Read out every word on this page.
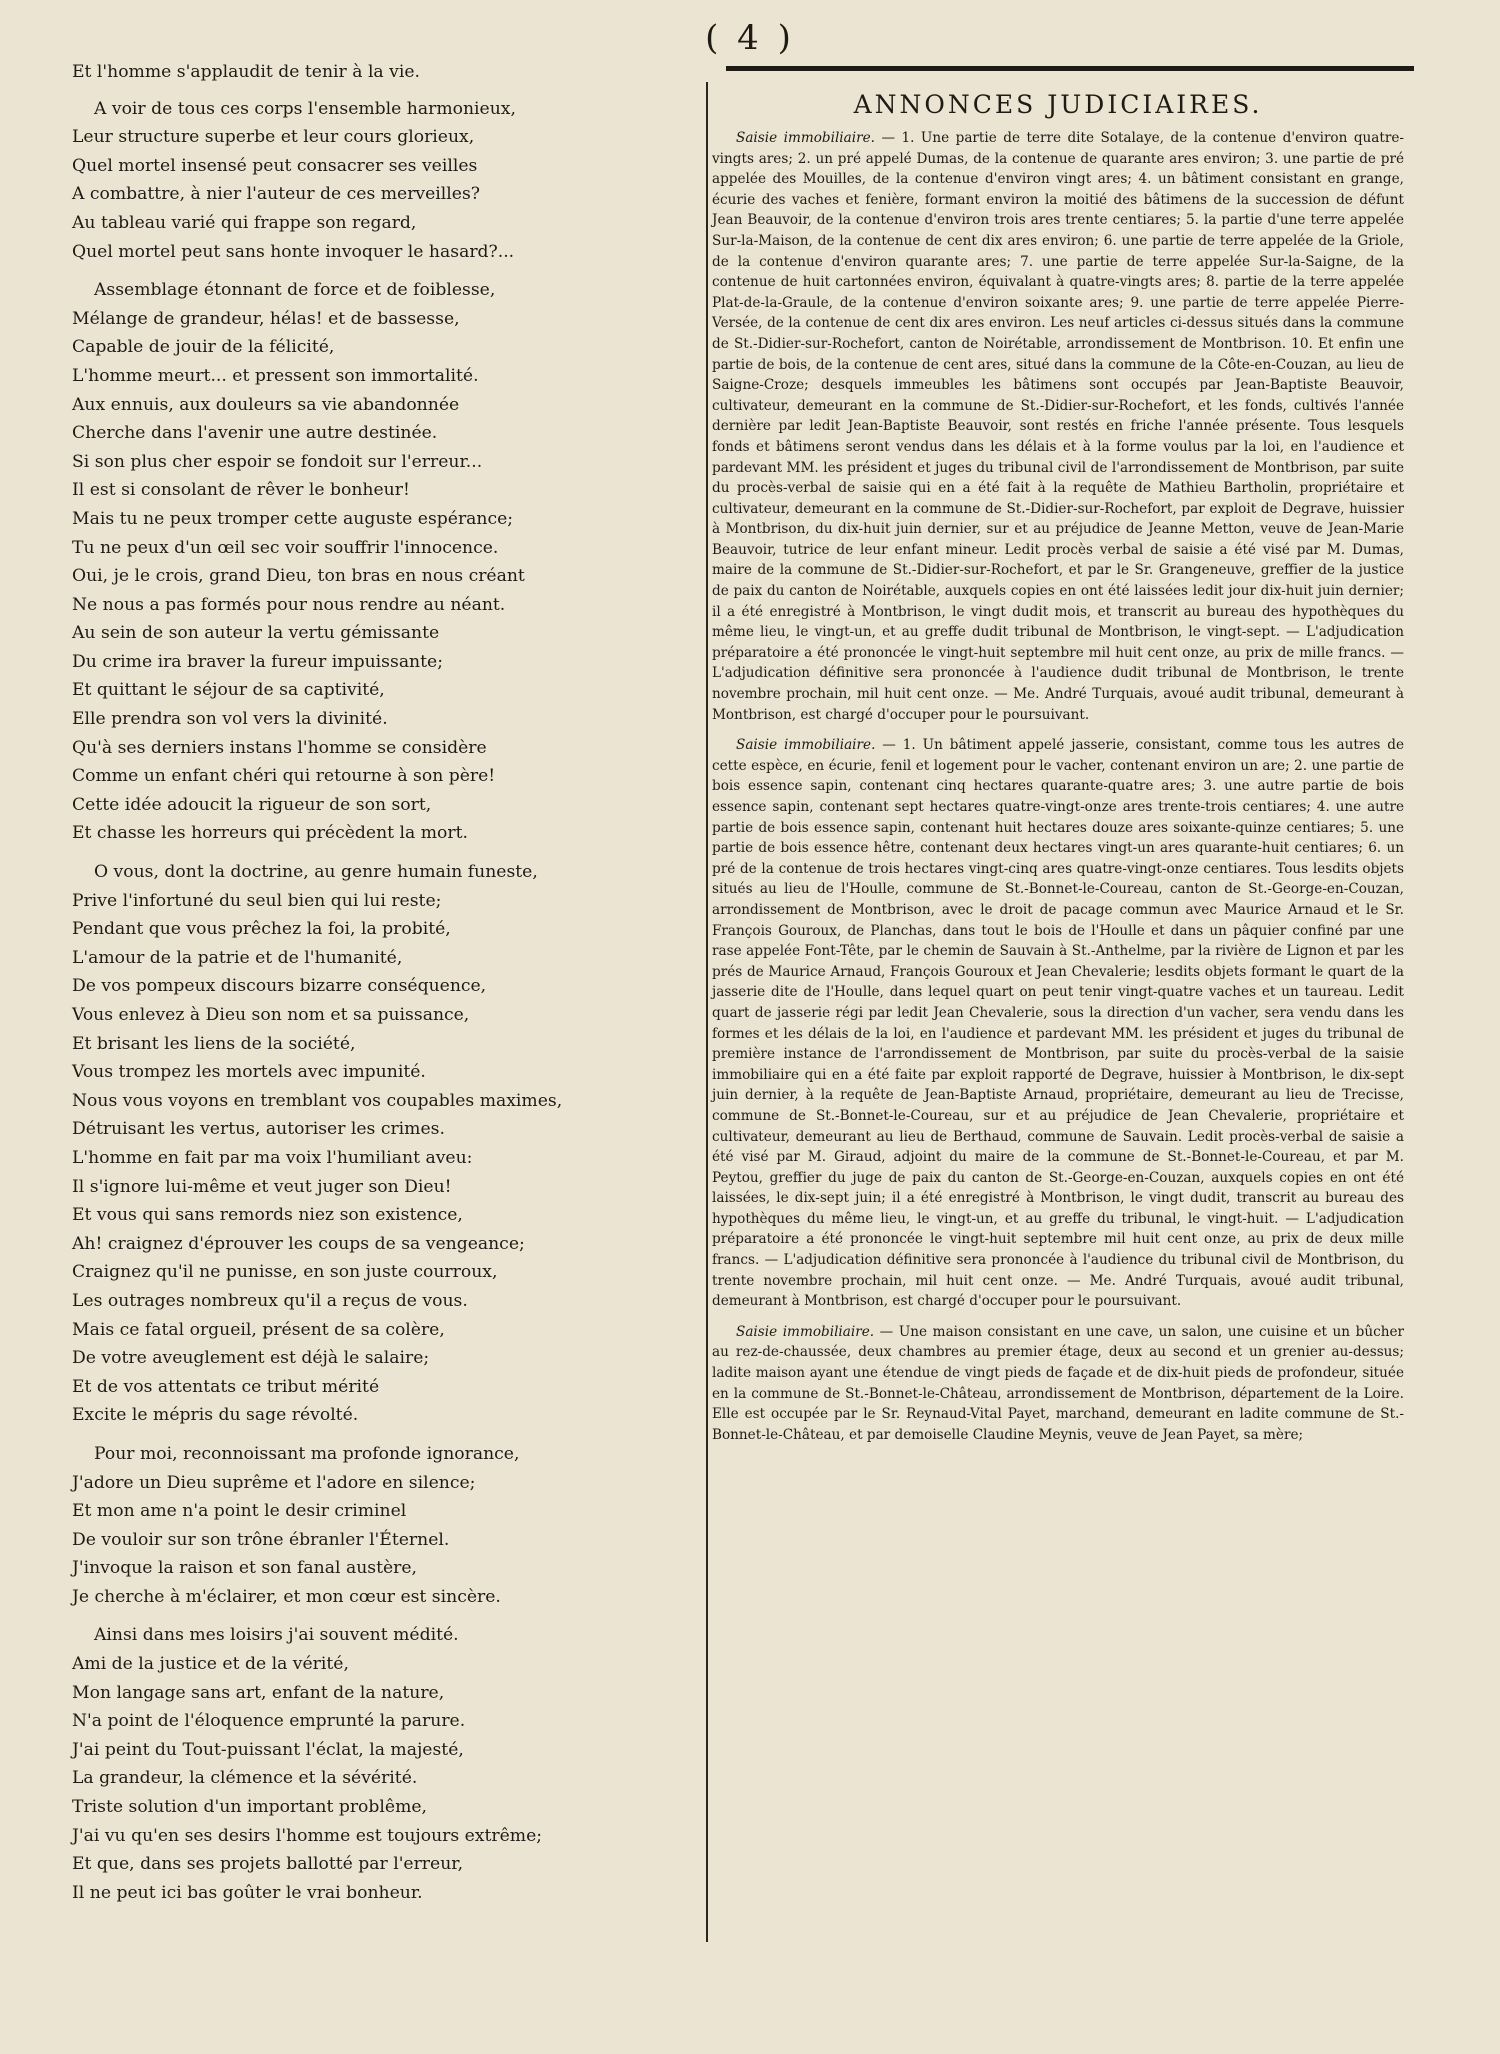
( 4 )
Et l'homme s'applaudit de tenir à la vie.
A voir de tous ces corps l'ensemble harmonieux,
Leur structure superbe et leur cours glorieux,
Quel mortel insensé peut consacrer ses veilles
A combattre, à nier l'auteur de ces merveilles?
Au tableau varié qui frappe son regard,
Quel mortel peut sans honte invoquer le hasard?...
Assemblage étonnant de force et de foiblesse,
Mélange de grandeur, hélas! et de bassesse,
Capable de jouir de la félicité,
L'homme meurt... et pressent son immortalité.
Aux ennuis, aux douleurs sa vie abandonnée
Cherche dans l'avenir une autre destinée.
Si son plus cher espoir se fondoit sur l'erreur...
Il est si consolant de rêver le bonheur!
Mais tu ne peux tromper cette auguste espérance;
Tu ne peux d'un œil sec voir souffrir l'innocence.
Oui, je le crois, grand Dieu, ton bras en nous créant
Ne nous a pas formés pour nous rendre au néant.
Au sein de son auteur la vertu gémissante
Du crime ira braver la fureur impuissante;
Et quittant le séjour de sa captivité,
Elle prendra son vol vers la divinité.
Qu'à ses derniers instans l'homme se considère
Comme un enfant chéri qui retourne à son père!
Cette idée adoucit la rigueur de son sort,
Et chasse les horreurs qui précèdent la mort.
O vous, dont la doctrine, au genre humain funeste,
Prive l'infortuné du seul bien qui lui reste;
Pendant que vous prêchez la foi, la probité,
L'amour de la patrie et de l'humanité,
De vos pompeux discours bizarre conséquence,
Vous enlevez à Dieu son nom et sa puissance,
Et brisant les liens de la société,
Vous trompez les mortels avec impunité.
Nous vous voyons en tremblant vos coupables maximes,
Détruisant les vertus, autoriser les crimes.
L'homme en fait par ma voix l'humiliant aveu:
Il s'ignore lui-même et veut juger son Dieu!
Et vous qui sans remords niez son existence,
Ah! craignez d'éprouver les coups de sa vengeance;
Craignez qu'il ne punisse, en son juste courroux,
Les outrages nombreux qu'il a reçus de vous.
Mais ce fatal orgueil, présent de sa colère,
De votre aveuglement est déjà le salaire;
Et de vos attentats ce tribut mérité
Excite le mépris du sage révolté.
Pour moi, reconnoissant ma profonde ignorance,
J'adore un Dieu suprême et l'adore en silence;
Et mon ame n'a point le desir criminel
De vouloir sur son trône ébranler l'Éternel.
J'invoque la raison et son fanal austère,
Je cherche à m'éclairer, et mon cœur est sincère.
Ainsi dans mes loisirs j'ai souvent médité.
Ami de la justice et de la vérité,
Mon langage sans art, enfant de la nature,
N'a point de l'éloquence emprunté la parure.
J'ai peint du Tout-puissant l'éclat, la majesté,
La grandeur, la clémence et la sévérité.
Triste solution d'un important problême,
J'ai vu qu'en ses desirs l'homme est toujours extrême;
Et que, dans ses projets ballotté par l'erreur,
Il ne peut ici bas goûter le vrai bonheur.
ANNONCES JUDICIAIRES.
Saisie immobiliaire. — 1. Une partie de terre dite Sotalaye, de la contenue d'environ quatre-vingts ares; 2. un pré appelé Dumas, de la contenue de quarante ares environ; 3. une partie de pré appelée des Mouilles, de la contenue d'environ vingt ares; 4. un bâtiment consistant en grange, écurie des vaches et fenière, formant environ la moitié des bâtimens de la succession de défunt Jean Beauvoir, de la contenue d'environ trois ares trente centiares; 5. la partie d'une terre appelée Sur-la-Maison, de la contenue de cent dix ares environ; 6. une partie de terre appelée de la Griole, de la contenue d'environ quarante ares; 7. une partie de terre appelée Sur-la-Saigne, de la contenue de huit cartonnées environ, équivalant à quatre-vingts ares; 8. partie de la terre appelée Plat-de-la-Graule, de la contenue d'environ soixante ares; 9. une partie de terre appelée Pierre-Versée, de la contenue de cent dix ares environ. Les neuf articles ci-dessus situés dans la commune de St.-Didier-sur-Rochefort, canton de Noirétable, arrondissement de Montbrison. 10. Et enfin une partie de bois, de la contenue de cent ares, situé dans la commune de la Côte-en-Couzan, au lieu de Saigne-Croze; desquels immeubles les bâtimens sont occupés par Jean-Baptiste Beauvoir, cultivateur, demeurant en la commune de St.-Didier-sur-Rochefort, et les fonds, cultivés l'année dernière par ledit Jean-Baptiste Beauvoir, sont restés en friche l'année présente. Tous lesquels fonds et bâtimens seront vendus dans les délais et à la forme voulus par la loi, en l'audience et pardevant MM. les président et juges du tribunal civil de l'arrondissement de Montbrison, par suite du procès-verbal de saisie qui en a été fait à la requête de Mathieu Bartholin, propriétaire et cultivateur, demeurant en la commune de St.-Didier-sur-Rochefort, par exploit de Degrave, huissier à Montbrison, du dix-huit juin dernier, sur et au préjudice de Jeanne Metton, veuve de Jean-Marie Beauvoir, tutrice de leur enfant mineur. Ledit procès verbal de saisie a été visé par M. Dumas, maire de la commune de St.-Didier-sur-Rochefort, et par le Sr. Grangeneuve, greffier de la justice de paix du canton de Noirétable, auxquels copies en ont été laissées ledit jour dix-huit juin dernier; il a été enregistré à Montbrison, le vingt dudit mois, et transcrit au bureau des hypothèques du même lieu, le vingt-un, et au greffe dudit tribunal de Montbrison, le vingt-sept. — L'adjudication préparatoire a été prononcée le vingt-huit septembre mil huit cent onze, au prix de mille francs. — L'adjudication définitive sera prononcée à l'audience dudit tribunal de Montbrison, le trente novembre prochain, mil huit cent onze. — Me. André Turquais, avoué audit tribunal, demeurant à Montbrison, est chargé d'occuper pour le poursuivant.
Saisie immobiliaire. — 1. Un bâtiment appelé jasserie, consistant, comme tous les autres de cette espèce, en écurie, fenil et logement pour le vacher, contenant environ un are; 2. une partie de bois essence sapin, contenant cinq hectares quarante-quatre ares; 3. une autre partie de bois essence sapin, contenant sept hectares quatre-vingt-onze ares trente-trois centiares; 4. une autre partie de bois essence sapin, contenant huit hectares douze ares soixante-quinze centiares; 5. une partie de bois essence hêtre, contenant deux hectares vingt-un ares quarante-huit centiares; 6. un pré de la contenue de trois hectares vingt-cinq ares quatre-vingt-onze centiares. Tous lesdits objets situés au lieu de l'Houlle, commune de St.-Bonnet-le-Coureau, canton de St.-George-en-Couzan, arrondissement de Montbrison, avec le droit de pacage commun avec Maurice Arnaud et le Sr. François Gouroux, de Planchas, dans tout le bois de l'Houlle et dans un pâquier confiné par une rase appelée Font-Tête, par le chemin de Sauvain à St.-Anthelme, par la rivière de Lignon et par les prés de Maurice Arnaud, François Gouroux et Jean Chevalerie; lesdits objets formant le quart de la jasserie dite de l'Houlle, dans lequel quart on peut tenir vingt-quatre vaches et un taureau. Ledit quart de jasserie régi par ledit Jean Chevalerie, sous la direction d'un vacher, sera vendu dans les formes et les délais de la loi, en l'audience et pardevant MM. les président et juges du tribunal de première instance de l'arrondissement de Montbrison, par suite du procès-verbal de la saisie immobiliaire qui en a été faite par exploit rapporté de Degrave, huissier à Montbrison, le dix-sept juin dernier, à la requête de Jean-Baptiste Arnaud, propriétaire, demeurant au lieu de Trecisse, commune de St.-Bonnet-le-Coureau, sur et au préjudice de Jean Chevalerie, propriétaire et cultivateur, demeurant au lieu de Berthaud, commune de Sauvain. Ledit procès-verbal de saisie a été visé par M. Giraud, adjoint du maire de la commune de St.-Bonnet-le-Coureau, et par M. Peytou, greffier du juge de paix du canton de St.-George-en-Couzan, auxquels copies en ont été laissées, le dix-sept juin; il a été enregistré à Montbrison, le vingt dudit, transcrit au bureau des hypothèques du même lieu, le vingt-un, et au greffe du tribunal, le vingt-huit. — L'adjudication préparatoire a été prononcée le vingt-huit septembre mil huit cent onze, au prix de deux mille francs. — L'adjudication définitive sera prononcée à l'audience du tribunal civil de Montbrison, du trente novembre prochain, mil huit cent onze. — Me. André Turquais, avoué audit tribunal, demeurant à Montbrison, est chargé d'occuper pour le poursuivant.
Saisie immobiliaire. — Une maison consistant en une cave, un salon, une cuisine et un bûcher au rez-de-chaussée, deux chambres au premier étage, deux au second et un grenier au-dessus; ladite maison ayant une étendue de vingt pieds de façade et de dix-huit pieds de profondeur, située en la commune de St.-Bonnet-le-Château, arrondissement de Montbrison, département de la Loire. Elle est occupée par le Sr. Reynaud-Vital Payet, marchand, demeurant en ladite commune de St.-Bonnet-le-Château, et par demoiselle Claudine Meynis, veuve de Jean Payet, sa mère;
